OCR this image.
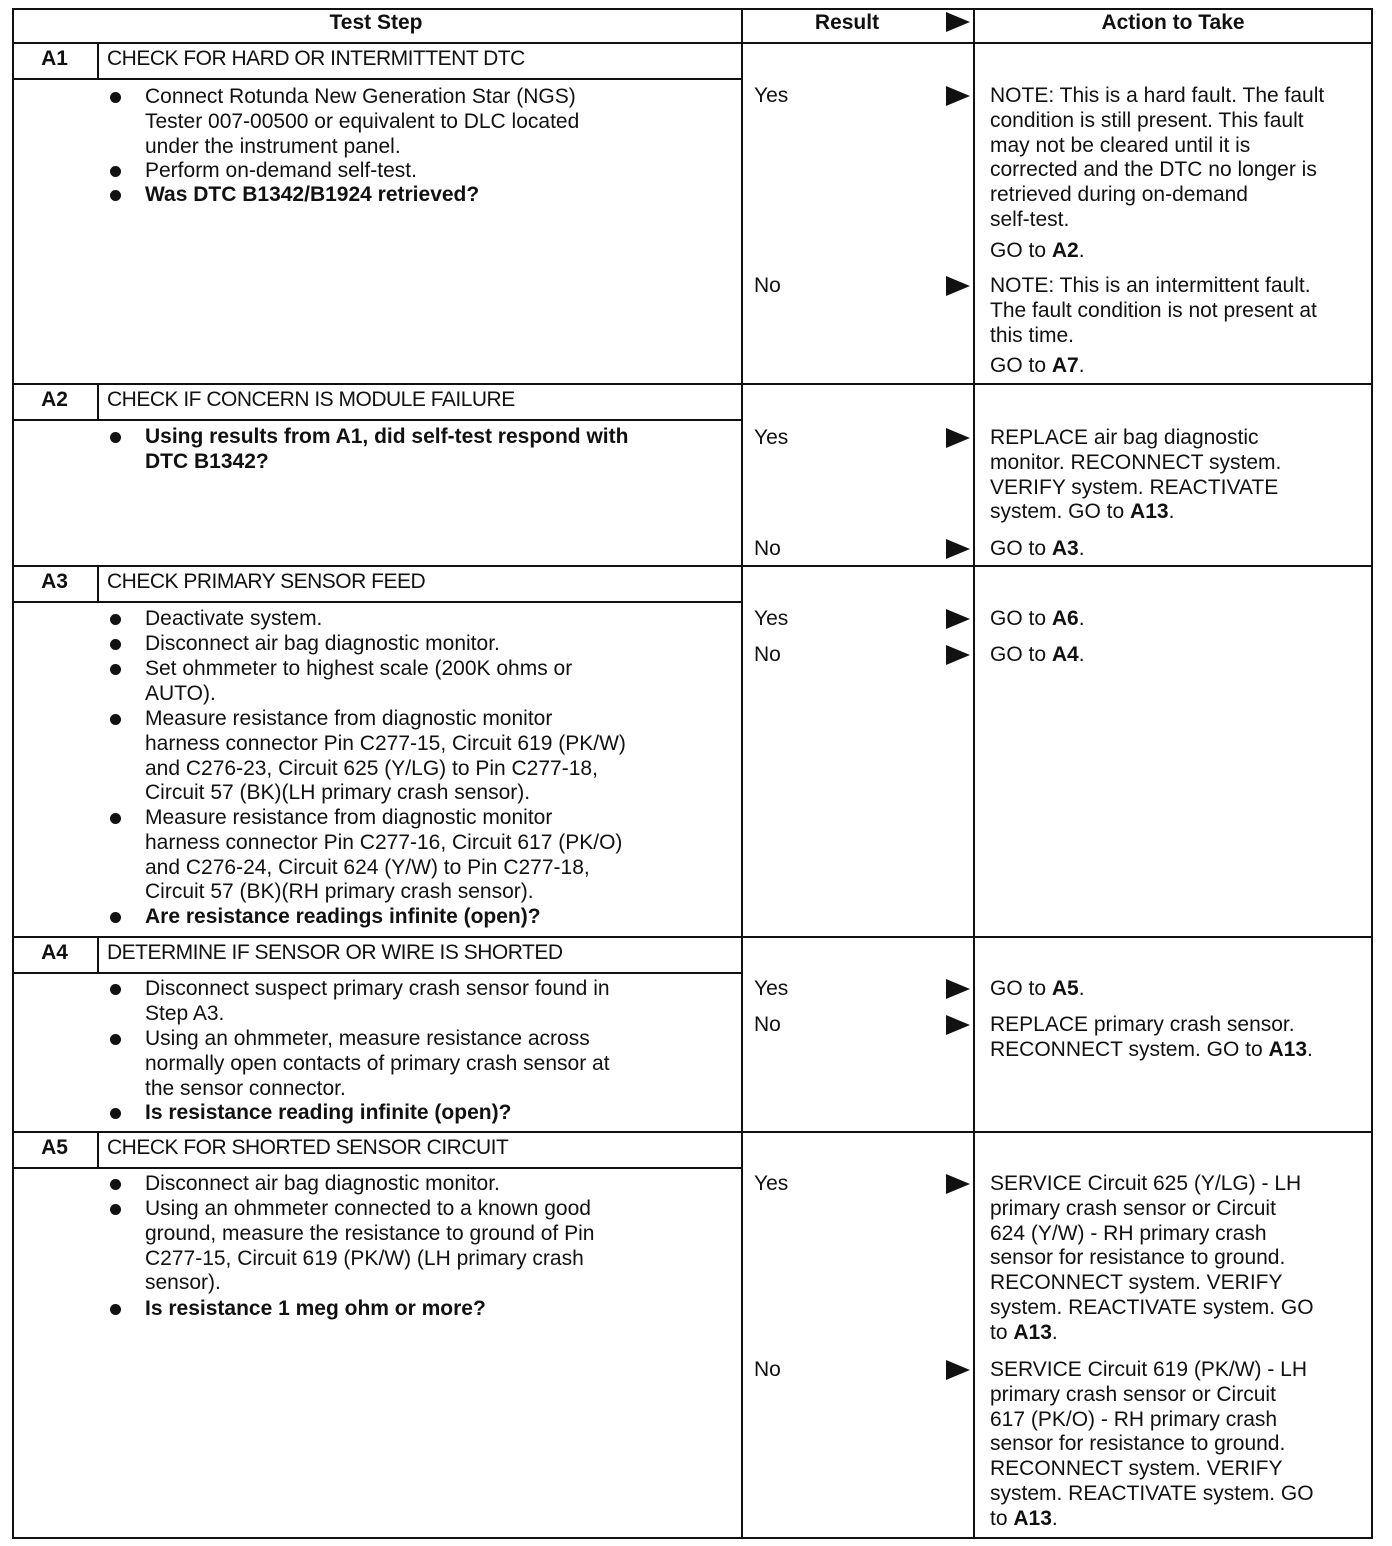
Test Step	Result	Action to Take
A1	CHECK FOR HARD OR INTERMITTENT DTC
Connect Rotunda New Generation Star (NGS)
Tester 007-00500 or equivalent to DLC located
under the instrument panel.
Perform on-demand self-test.
Was DTC B1342/B1924 retrieved?
Yes	NOTE: This is a hard fault. The fault
condition is still present. This fault
may not be cleared until it is
corrected and the DTC no longer is
retrieved during on-demand
self-test.
GO to A2.
No	NOTE: This is an intermittent fault.
The fault condition is not present at
this time.
GO to A7.
A2	CHECK IF CONCERN IS MODULE FAILURE
Using results from A1, did self-test respond with
DTC B1342?
Yes	REPLACE air bag diagnostic
monitor. RECONNECT system.
VERIFY system. REACTIVATE
system. GO to A13.
No	GO to A3.
A3	CHECK PRIMARY SENSOR FEED
Deactivate system.
Disconnect air bag diagnostic monitor.
Set ohmmeter to highest scale (200K ohms or
AUTO).
Measure resistance from diagnostic monitor
harness connector Pin C277-15, Circuit 619 (PK/W)
and C276-23, Circuit 625 (Y/LG) to Pin C277-18,
Circuit 57 (BK)(LH primary crash sensor).
Measure resistance from diagnostic monitor
harness connector Pin C277-16, Circuit 617 (PK/O)
and C276-24, Circuit 624 (Y/W) to Pin C277-18,
Circuit 57 (BK)(RH primary crash sensor).
Are resistance readings infinite (open)?
Yes	GO to A6.
No	GO to A4.
A4	DETERMINE IF SENSOR OR WIRE IS SHORTED
Disconnect suspect primary crash sensor found in
Step A3.
Using an ohmmeter, measure resistance across
normally open contacts of primary crash sensor at
the sensor connector.
Is resistance reading infinite (open)?
Yes	GO to A5.
No	REPLACE primary crash sensor.
RECONNECT system. GO to A13.
A5	CHECK FOR SHORTED SENSOR CIRCUIT
Disconnect air bag diagnostic monitor.
Using an ohmmeter connected to a known good
ground, measure the resistance to ground of Pin
C277-15, Circuit 619 (PK/W) (LH primary crash
sensor).
Is resistance 1 meg ohm or more?
Yes	SERVICE Circuit 625 (Y/LG) - LH
primary crash sensor or Circuit
624 (Y/W) - RH primary crash
sensor for resistance to ground.
RECONNECT system. VERIFY
system. REACTIVATE system. GO
to A13.
No	SERVICE Circuit 619 (PK/W) - LH
primary crash sensor or Circuit
617 (PK/O) - RH primary crash
sensor for resistance to ground.
RECONNECT system. VERIFY
system. REACTIVATE system. GO
to A13.
